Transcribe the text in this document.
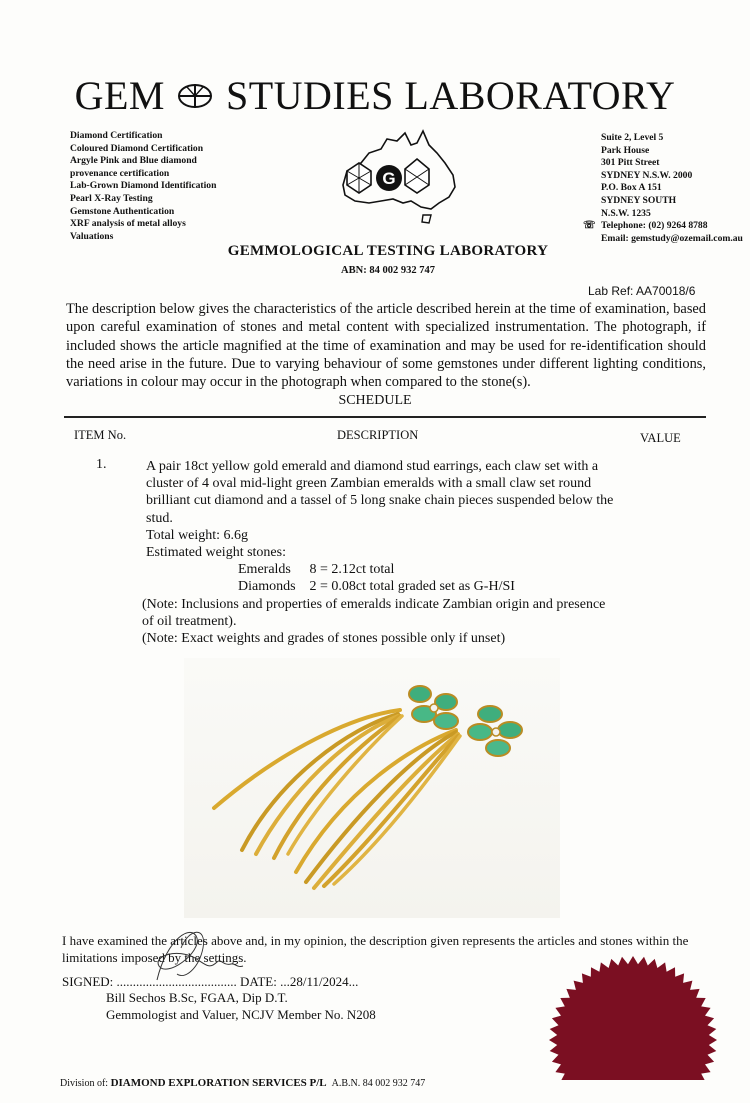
GEM STUDIES LABORATORY
Diamond Certification
Coloured Diamond Certification
Argyle Pink and Blue diamond
provenance certification
Lab-Grown Diamond Identification
Pearl X-Ray Testing
Gemstone Authentication
XRF analysis of metal alloys
Valuations
G
Suite 2, Level 5
Park House
301 Pitt Street
SYDNEY N.S.W. 2000
P.O. Box A 151
SYDNEY SOUTH
N.S.W. 1235
☏ Telephone: (02) 9264 8788
Email: gemstudy@ozemail.com.au
GEMMOLOGICAL TESTING LABORATORY
ABN: 84 002 932 747
Lab Ref: AA70018/6
The description below gives the characteristics of the article described herein at the time of examination, based upon careful examination of stones and metal content with specialized instrumentation. The photograph, if included shows the article magnified at the time of examination and may be used for re-identification should the need arise in the future. Due to varying behaviour of some gemstones under different lighting conditions, variations in colour may occur in the photograph when compared to the stone(s).
SCHEDULE
ITEM No.	DESCRIPTION	VALUE
1.	A pair 18ct yellow gold emerald and diamond stud earrings, each claw set with a cluster of 4 oval mid-light green Zambian emeralds with a small claw set round brilliant cut diamond and a tassel of 5 long snake chain pieces suspended below the stud.
Total weight: 6.6g
Estimated weight stones:
Emeralds 8 = 2.12ct total
Diamonds 2 = 0.08ct total graded set as G-H/SI
(Note: Inclusions and properties of emeralds indicate Zambian origin and presence of oil treatment).
(Note: Exact weights and grades of stones possible only if unset)
I have examined the articles above and, in my opinion, the description given represents the articles and stones within the limitations imposed by the settings.
SIGNED: ..................................... DATE: ...28/11/2024...
Bill Sechos B.Sc, FGAA, Dip D.T.
Gemmologist and Valuer, NCJV Member No. N208
Division of: DIAMOND EXPLORATION SERVICES P/L A.B.N. 84 002 932 747
